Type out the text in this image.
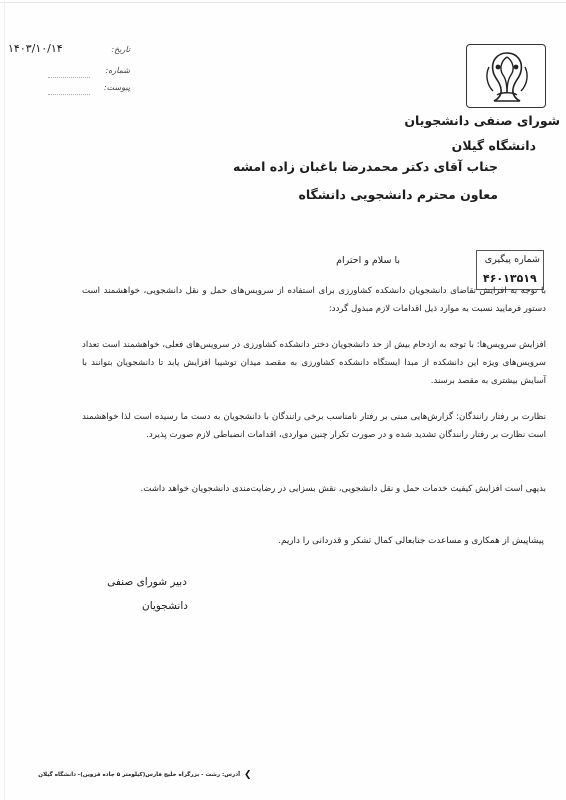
شورای صنفی دانشجویان
دانشگاه گیلان
تاریخ:
۱۴۰۳/۱۰/۱۴
شماره:
پیوست:
جناب آقای دکتر محمدرضا باغبان زاده امشه
معاون محترم دانشجویی دانشگاه
شماره پیگیری
۴۶۰۱۳۵۱۹
با سلام و احترام
با توجه به افزایش تقاضای دانشجویان دانشکده کشاورزی برای استفاده از سرویس‌های حمل و نقل دانشجویی، خواهشمند است دستور فرمایید نسبت به موارد ذیل اقدامات لازم مبذول گردد:
افزایش سرویس‌ها: با توجه به ازدحام بیش از حد دانشجویان دختر دانشکده کشاورزی در سرویس‌های فعلی، خواهشمند است تعداد سرویس‌های ویژه این دانشکده از مبدا ایستگاه دانشکده کشاورزی به مقصد میدان توشیبا افزایش یابد تا دانشجویان بتوانند با آسایش بیشتری به مقصد برسند.
نظارت بر رفتار رانندگان: گزارش‌هایی مبنی بر رفتار نامناسب برخی رانندگان با دانشجویان به دست ما رسیده است لذا خواهشمند است نظارت بر رفتار رانندگان تشدید شده و در صورت تکرار چنین مواردی، اقدامات انضباطی لازم صورت پذیرد.
بدیهی است افزایش کیفیت خدمات حمل و نقل دانشجویی، نقش بسزایی در رضایت‌مندی دانشجویان خواهد داشت.
پیشاپیش از همکاری و مساعدت جنابعالی کمال تشکر و قدردانی را داریم.
دبیر شورای صنفی
دانشجویان
❮
آدرس: رشت - بزرگراه خلیج فارس(کیلومتر ۵ جاده قزوین)- دانشگاه گیلان
